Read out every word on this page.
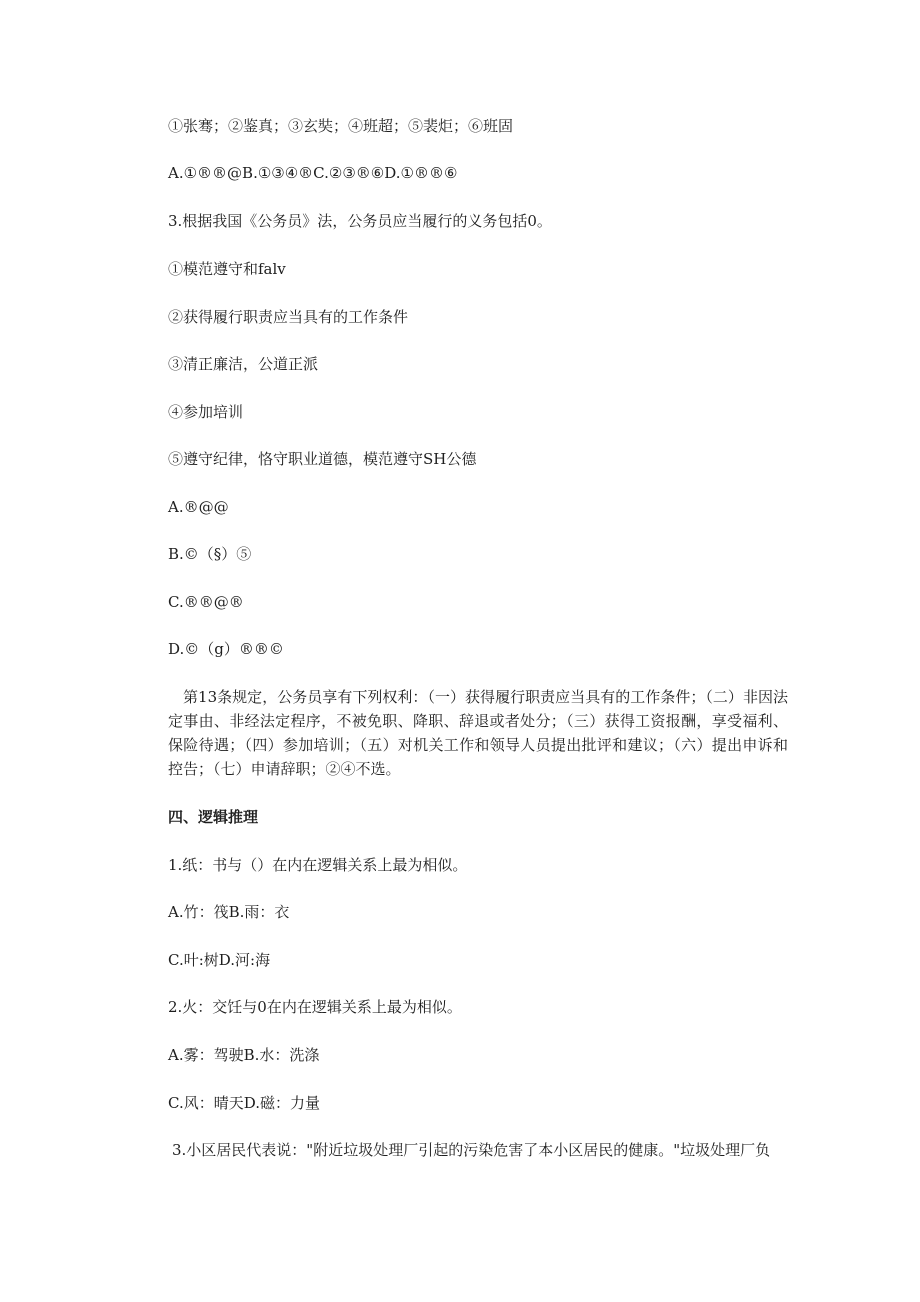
①张骞；②鉴真；③玄奘；④班超；⑤裴炬；⑥班固
A.①®®@B.①③④®C.②③®⑥D.①®®⑥
3.根据我国《公务员》法，公务员应当履行的义务包括0。
①模范遵守和falv
②获得履行职责应当具有的工作条件
③清正廉洁，公道正派
④参加培训
⑤遵守纪律，恪守职业道德，模范遵守SH公德
A.®@@
B.©（§）⑤
C.®®@®
D.©（g）®®©
第13条规定，公务员享有下列权利：（一）获得履行职责应当具有的工作条件；（二）非因法定事由、非经法定程序，不被免职、降职、辞退或者处分；（三）获得工资报酬，享受福利、保险待遇；（四）参加培训；（五）对机关工作和领导人员提出批评和建议；（六）提出申诉和控告；（七）申请辞职；②④不选。
四、逻辑推理
1.纸：书与（）在内在逻辑关系上最为相似。
A.竹：筏B.雨：衣
C.叶:树D.河:海
2.火：交饪与0在内在逻辑关系上最为相似。
A.雾：驾驶B.水：洗涤
C.风：晴天D.磁：力量
3.小区居民代表说："附近垃圾处理厂引起的污染危害了本小区居民的健康。"垃圾处理厂负
